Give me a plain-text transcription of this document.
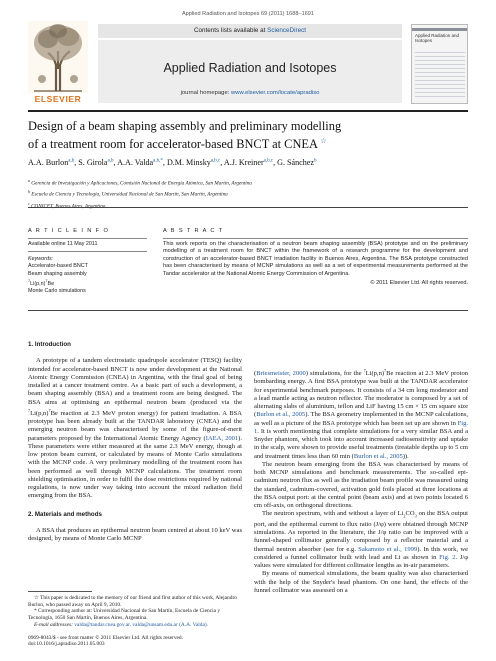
Applied Radiation and Isotopes 69 (2011) 1688–1691
ELSEVIER
Contents lists available at ScienceDirect
Applied Radiation and Isotopes
journal homepage: www.elsevier.com/locate/apradiso
Applied Radiation and Isotopes
Design of a beam shaping assembly and preliminary modelling
of a treatment room for accelerator-based BNCT at CNEA ☆
A.A. Burlon$^{a,b}$, S. Girola$^{a,b}$, A.A. Valda$^{a,b,*}$, D.M. Minsky$^{a,b,c}$, A.J. Kreiner$^{a,b,c}$, G. Sánchez$^b$
$^a$ Gerencia de Investigación y Aplicaciones, Comisión Nacional de Energía Atómica, San Martín, Argentina
$^b$ Escuela de Ciencia y Tecnología, Universidad Nacional de San Martín, San Martín, Argentina
$^c$ CONICET, Buenos Aires, Argentina
A R T I C L E I N F O	A B S T R A C T
Available online 11 May 2011
Keywords:
Accelerator-based BNCT
Beam shaping assembly
$^7Li(p,n)^7Be$
Monte Carlo simulations
This work reports on the characterisation of a neutron beam shaping assembly (BSA) prototype and on the preliminary modelling of a treatment room for BNCT within the framework of a research programme for the development and construction of an accelerator-based BNCT irradiation facility in Buenos Aires, Argentina. The BSA prototype constructed has been characterised by means of MCNP simulations as well as a set of experimental measurements performed at the Tandar accelerator at the National Atomic Energy Commission of Argentina.
© 2011 Elsevier Ltd. All rights reserved.
1. Introduction

A prototype of a tandem electrostatic quadrupole accelerator (TESQ) facility intended for accelerator-based BNCT is now under development at the National Atomic Energy Commission (CNEA) in Argentina, with the final goal of being installed at a cancer treatment centre. As a basic part of such a development, a beam shaping assembly (BSA) and a treatment room are being designed. The BSA aims at optimising an epithermal neutron beam (produced via the $^7Li(p,n)^7Be$ reaction at 2.3 MeV proton energy) for patient irradiation. A BSA prototype has been already built at the TANDAR laboratory (CNEA) and the emerging neutron beam was characterised by some of the figure-of-merit parameters proposed by the International Atomic Energy Agency (IAEA, 2001). These parameters were either measured at the same 2.3 MeV energy, though at low proton beam current, or calculated by means of Monte Carlo simulations with the MCNP code. A very preliminary modelling of the treatment room has been performed as well through MCNP calculations. The treatment room shielding optimisation, in order to fulfil the dose restrictions required by national regulations, is now under way taking into account the mixed radiation field emerging from the BSA.

2. Materials and methods

A BSA that produces an epithermal neutron beam centred at about 10 keV was designed, by means of Monte Carlo MCNP

(Briesmeister, 2000) simulations, for the $^7Li(p,n)^7Be$ reaction at 2.3 MeV proton bombarding energy. A first BSA prototype was built at the TANDAR accelerator for experimental benchmark purposes. It consists of a 34 cm long moderator and a lead mantle acting as neutron reflector. The moderator is composed by a set of alternating slabs of aluminium, teflon and LiF having 15 cm × 15 cm square size (Burlon et al., 2005). The BSA geometry implemented in the MCNP calculations, as well as a picture of the BSA prototype which has been set up are shown in Fig. 1. It is worth mentioning that complete simulations for a very similar BSA and a Snyder phantom, which took into account increased radiosensitivity and uptake in the scalp, were shown to provide useful treatments (treatable depths up to 5 cm and treatment times less than 60 min (Burlon et al., 2005)).

The neutron beam emerging from the BSA was characterised by means of both MCNP simulations and benchmark measurements. The so-called epi-cadmium neutron flux as well as the irradiation beam profile was measured using the standard, cadmium-covered, activation gold foils placed at three locations at the BSA output port: at the central point (beam axis) and at two points located 6 cm off-axis, on orthogonal directions.

The neutron spectrum, with and without a layer of $Li_2CO_3$ on the BSA output port, and the epithermal current to flux ratio (J/φ) were obtained through MCNP simulations. As reported in the literature, the J/φ ratio can be improved with a funnel-shaped collimator generally composed by a reflector material and a thermal neutron absorber (see for e.g. Sakamoto et al., 1999). In this work, we considered a funnel collimator built with lead and Li as shown in Fig. 2. J/φ values were simulated for different collimator lengths as in-air parameters.

By means of numerical simulations, the beam quality was also characterised with the help of the Snyder's head phantom. On one hand, the effects of the funnel collimator was assessed on a

☆ This paper is dedicated to the memory of our friend and first author of this work, Alejandro Burlon, who passed away on April 9, 2010.

* Corresponding author at: Universidad Nacional de San Martín, Escuela de Ciencia y Tecnología, 1650 San Martín, Buenos Aires, Argentina.

E-mail addresses: valda@tandar.cnea.gov.ar, valda@unsam.edu.ar (A.A. Valda).

0969-8043/$ - see front matter © 2011 Elsevier Ltd. All rights reserved.

doi:10.1016/j.apradiso.2011.05.003
